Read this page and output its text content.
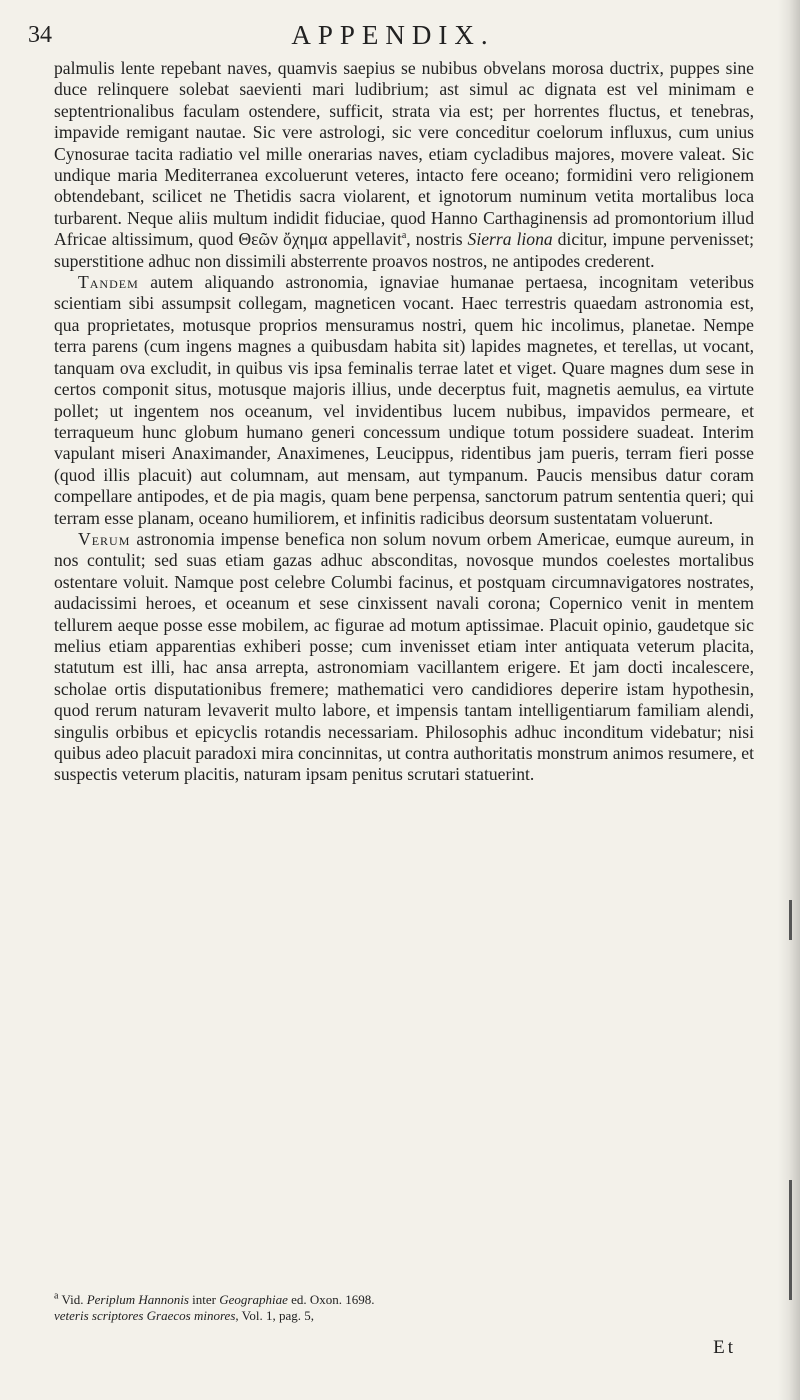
34	APPENDIX.

palmulis lente repebant naves, quamvis saepius se nubibus obvelans morosa ductrix, puppes sine duce relinquere solebat saevienti mari ludibrium; ast simul ac dignata est vel minimam e septentrionalibus faculam ostendere, sufficit, strata via est; per horrentes fluctus, et tenebras, impavide remigant nautae. Sic vere astrologi, sic vere conceditur coelorum influxus, cum unius Cynosurae tacita radiatio vel mille onerarias naves, etiam cycladibus majores, movere valeat. Sic undique maria Mediterranea excoluerunt veteres, intacto fere oceano; formidini vero religionem obtendebant, scilicet ne Thetidis sacra violarent, et ignotorum numinum vetita mortalibus loca turbarent. Neque aliis multum indidit fiduciae, quod Hanno Carthaginensis ad promontorium illud Africae altissimum, quod Θεῶν ὄχημα appellavit$^a$, nostris Sierra liona dicitur, impune pervenisset; superstitione adhuc non dissimili absterrente proavos nostros, ne antipodes crederent.

Tandem autem aliquando astronomia, ignaviae humanae pertaesa, incognitam veteribus scientiam sibi assumpsit collegam, magneticen vocant. Haec terrestris quaedam astronomia est, qua proprietates, motusque proprios mensuramus nostri, quem hic incolimus, planetae. Nempe terra parens (cum ingens magnes a quibusdam habita sit) lapides magnetes, et terellas, ut vocant, tanquam ova excludit, in quibus vis ipsa feminalis terrae latet et viget. Quare magnes dum sese in certos componit situs, motusque majoris illius, unde decerptus fuit, magnetis aemulus, ea virtute pollet; ut ingentem nos oceanum, vel invidentibus lucem nubibus, impavidos permeare, et terraqueum hunc globum humano generi concessum undique totum possidere suadeat. Interim vapulant miseri Anaximander, Anaximenes, Leucippus, ridentibus jam pueris, terram fieri posse (quod illis placuit) aut columnam, aut mensam, aut tympanum. Paucis mensibus datur coram compellare antipodes, et de pia magis, quam bene perpensa, sanctorum patrum sententia queri; qui terram esse planam, oceano humiliorem, et infinitis radicibus deorsum sustentatam voluerunt.

Verum astronomia impense benefica non solum novum orbem Americae, eumque aureum, in nos contulit; sed suas etiam gazas adhuc absconditas, novosque mundos coelestes mortalibus ostentare voluit. Namque post celebre Columbi facinus, et postquam circumnavigatores nostrates, audacissimi heroes, et oceanum et sese cinxissent navali corona; Copernico venit in mentem tellurem aeque posse esse mobilem, ac figurae ad motum aptissimae. Placuit opinio, gaudetque sic melius etiam apparentias exhiberi posse; cum invenisset etiam inter antiquata veterum placita, statutum est illi, hac ansa arrepta, astronomiam vacillantem erigere. Et jam docti incalescere, scholae ortis disputationibus fremere; mathematici vero candidiores deperire istam hypothesin, quod rerum naturam levaverit multo labore, et impensis tantam intelligentiarum familiam alendi, singulis orbibus et epicyclis rotandis necessariam. Philosophis adhuc inconditum videbatur; nisi quibus adeo placuit paradoxi mira concinnitas, ut contra authoritatis monstrum animos resumere, et suspectis veterum placitis, naturam ipsam penitus scrutari statuerint.

$^a$ Vid. Periplum Hannonis inter Geographiae ed. Oxon. 1698.
veteris scriptores Graecos minores, Vol. 1, pag. 5,
Et
